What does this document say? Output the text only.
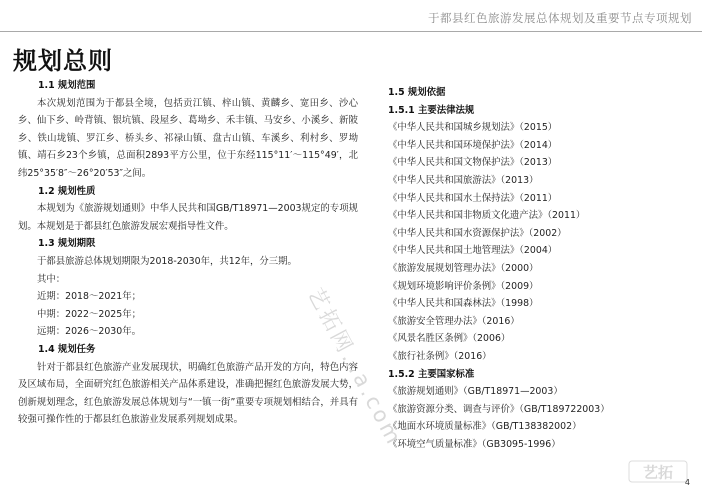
于都县红色旅游发展总体规划及重要节点专项规划
规划总则
1.1 规划范围
本次规划范围为于都县全境，包括贡江镇、梓山镇、黄麟乡、宽田乡、沙心乡、仙下乡、岭背镇、银坑镇、段屋乡、葛坳乡、禾丰镇、马安乡、小溪乡、新陂乡、铁山垅镇、罗江乡、桥头乡、祁禄山镇、盘古山镇、车溪乡、利村乡、罗坳镇、靖石乡23个乡镇，总面积2893平方公里，位于东经115°11′～115°49′，北纬25°35′8″～26°20′53″之间。
1.2 规划性质
本规划为《旅游规划通则》中华人民共和国GB/T18971—2003规定的专项规划。本规划是于都县红色旅游发展宏观指导性文件。
1.3 规划期限
于都县旅游总体规划期限为2018-2030年，共12年，分三期。
其中：
近期：2018～2021年；
中期：2022～2025年；
远期：2026～2030年。
1.4 规划任务
针对于都县红色旅游产业发展现状，明确红色旅游产品开发的方向，特色内容及区域布局，全面研究红色旅游相关产品体系建设，准确把握红色旅游发展大势，创新规划理念，红色旅游发展总体规划与“一镇一街”重要专项规划相结合，并具有较强可操作性的于都县红色旅游业发展系列规划成果。
1.5 规划依据
1.5.1 主要法律法规
《中华人民共和国城乡规划法》（2015）
《中华人民共和国环境保护法》（2014）
《中华人民共和国文物保护法》（2013）
《中华人民共和国旅游法》（2013）
《中华人民共和国水土保持法》（2011）
《中华人民共和国非物质文化遗产法》（2011）
《中华人民共和国水资源保护法》（2002）
《中华人民共和国土地管理法》（2004）
《旅游发展规划管理办法》（2000）
《规划环境影响评价条例》（2009）
《中华人民共和国森林法》（1998）
《旅游安全管理办法》（2016）
《风景名胜区条例》（2006）
《旅行社条例》（2016）
1.5.2 主要国家标准
《旅游规划通则》（GB/T18971—2003）
《旅游资源分类、调查与评价》（GB/T189722003）
《地面水环境质量标准》（GB/T138382002）
《环境空气质量标准》（GB3095-1996）
艺拓网…a.com
艺拓
4
